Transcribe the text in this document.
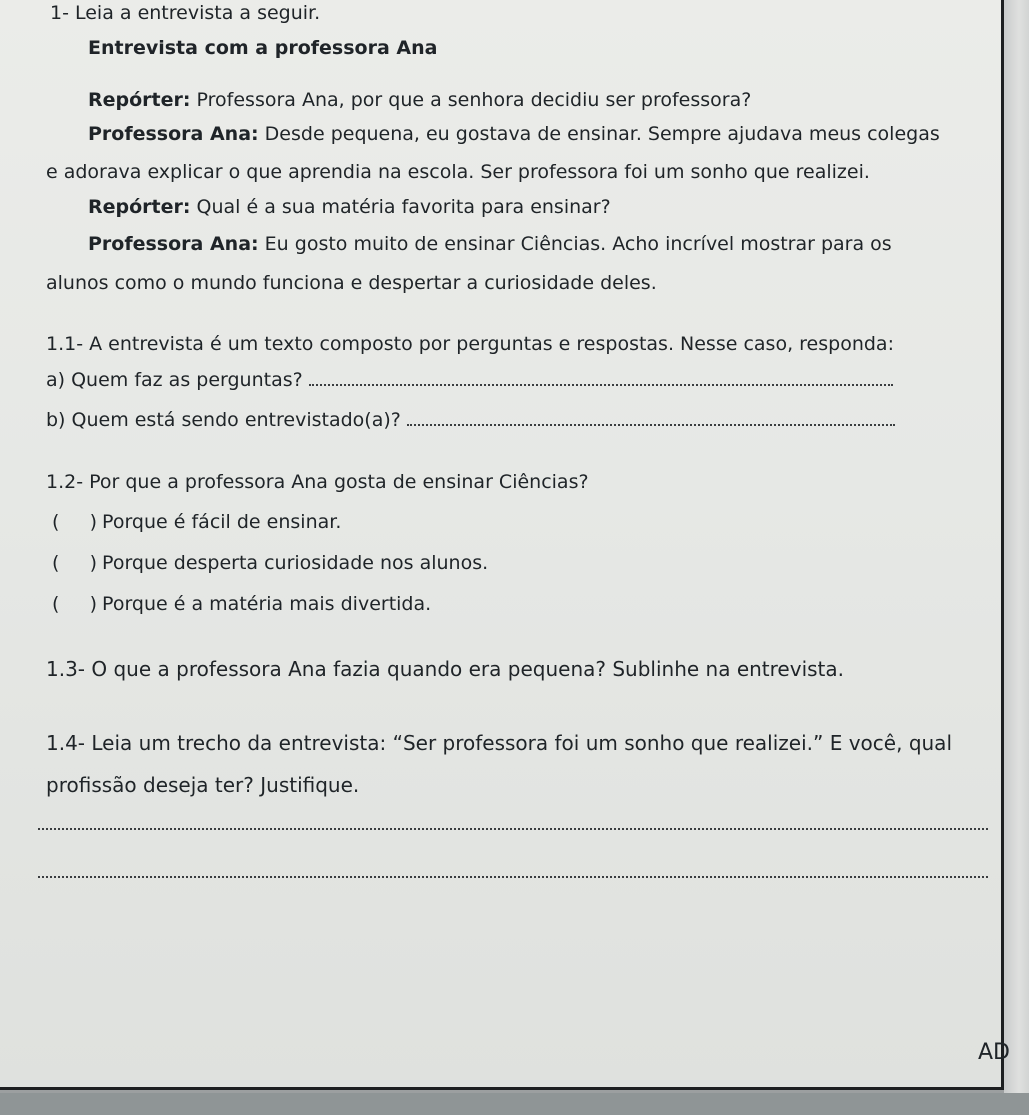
1- Leia a entrevista a seguir.
Entrevista com a professora Ana
Repórter: Professora Ana, por que a senhora decidiu ser professora?
Professora Ana: Desde pequena, eu gostava de ensinar. Sempre ajudava meus colegas
e adorava explicar o que aprendia na escola. Ser professora foi um sonho que realizei.
Repórter: Qual é a sua matéria favorita para ensinar?
Professora Ana: Eu gosto muito de ensinar Ciências. Acho incrível mostrar para os
alunos como o mundo funciona e despertar a curiosidade deles.
1.1- A entrevista é um texto composto por perguntas e respostas. Nesse caso, responda:
a) Quem faz as perguntas?
b) Quem está sendo entrevistado(a)?
1.2- Por que a professora Ana gosta de ensinar Ciências?
( ) Porque é fácil de ensinar.
( ) Porque desperta curiosidade nos alunos.
( ) Porque é a matéria mais divertida.
1.3- O que a professora Ana fazia quando era pequena? Sublinhe na entrevista.
1.4- Leia um trecho da entrevista: “Ser professora foi um sonho que realizei.” E você, qual
profissão deseja ter? Justifique.
AD
